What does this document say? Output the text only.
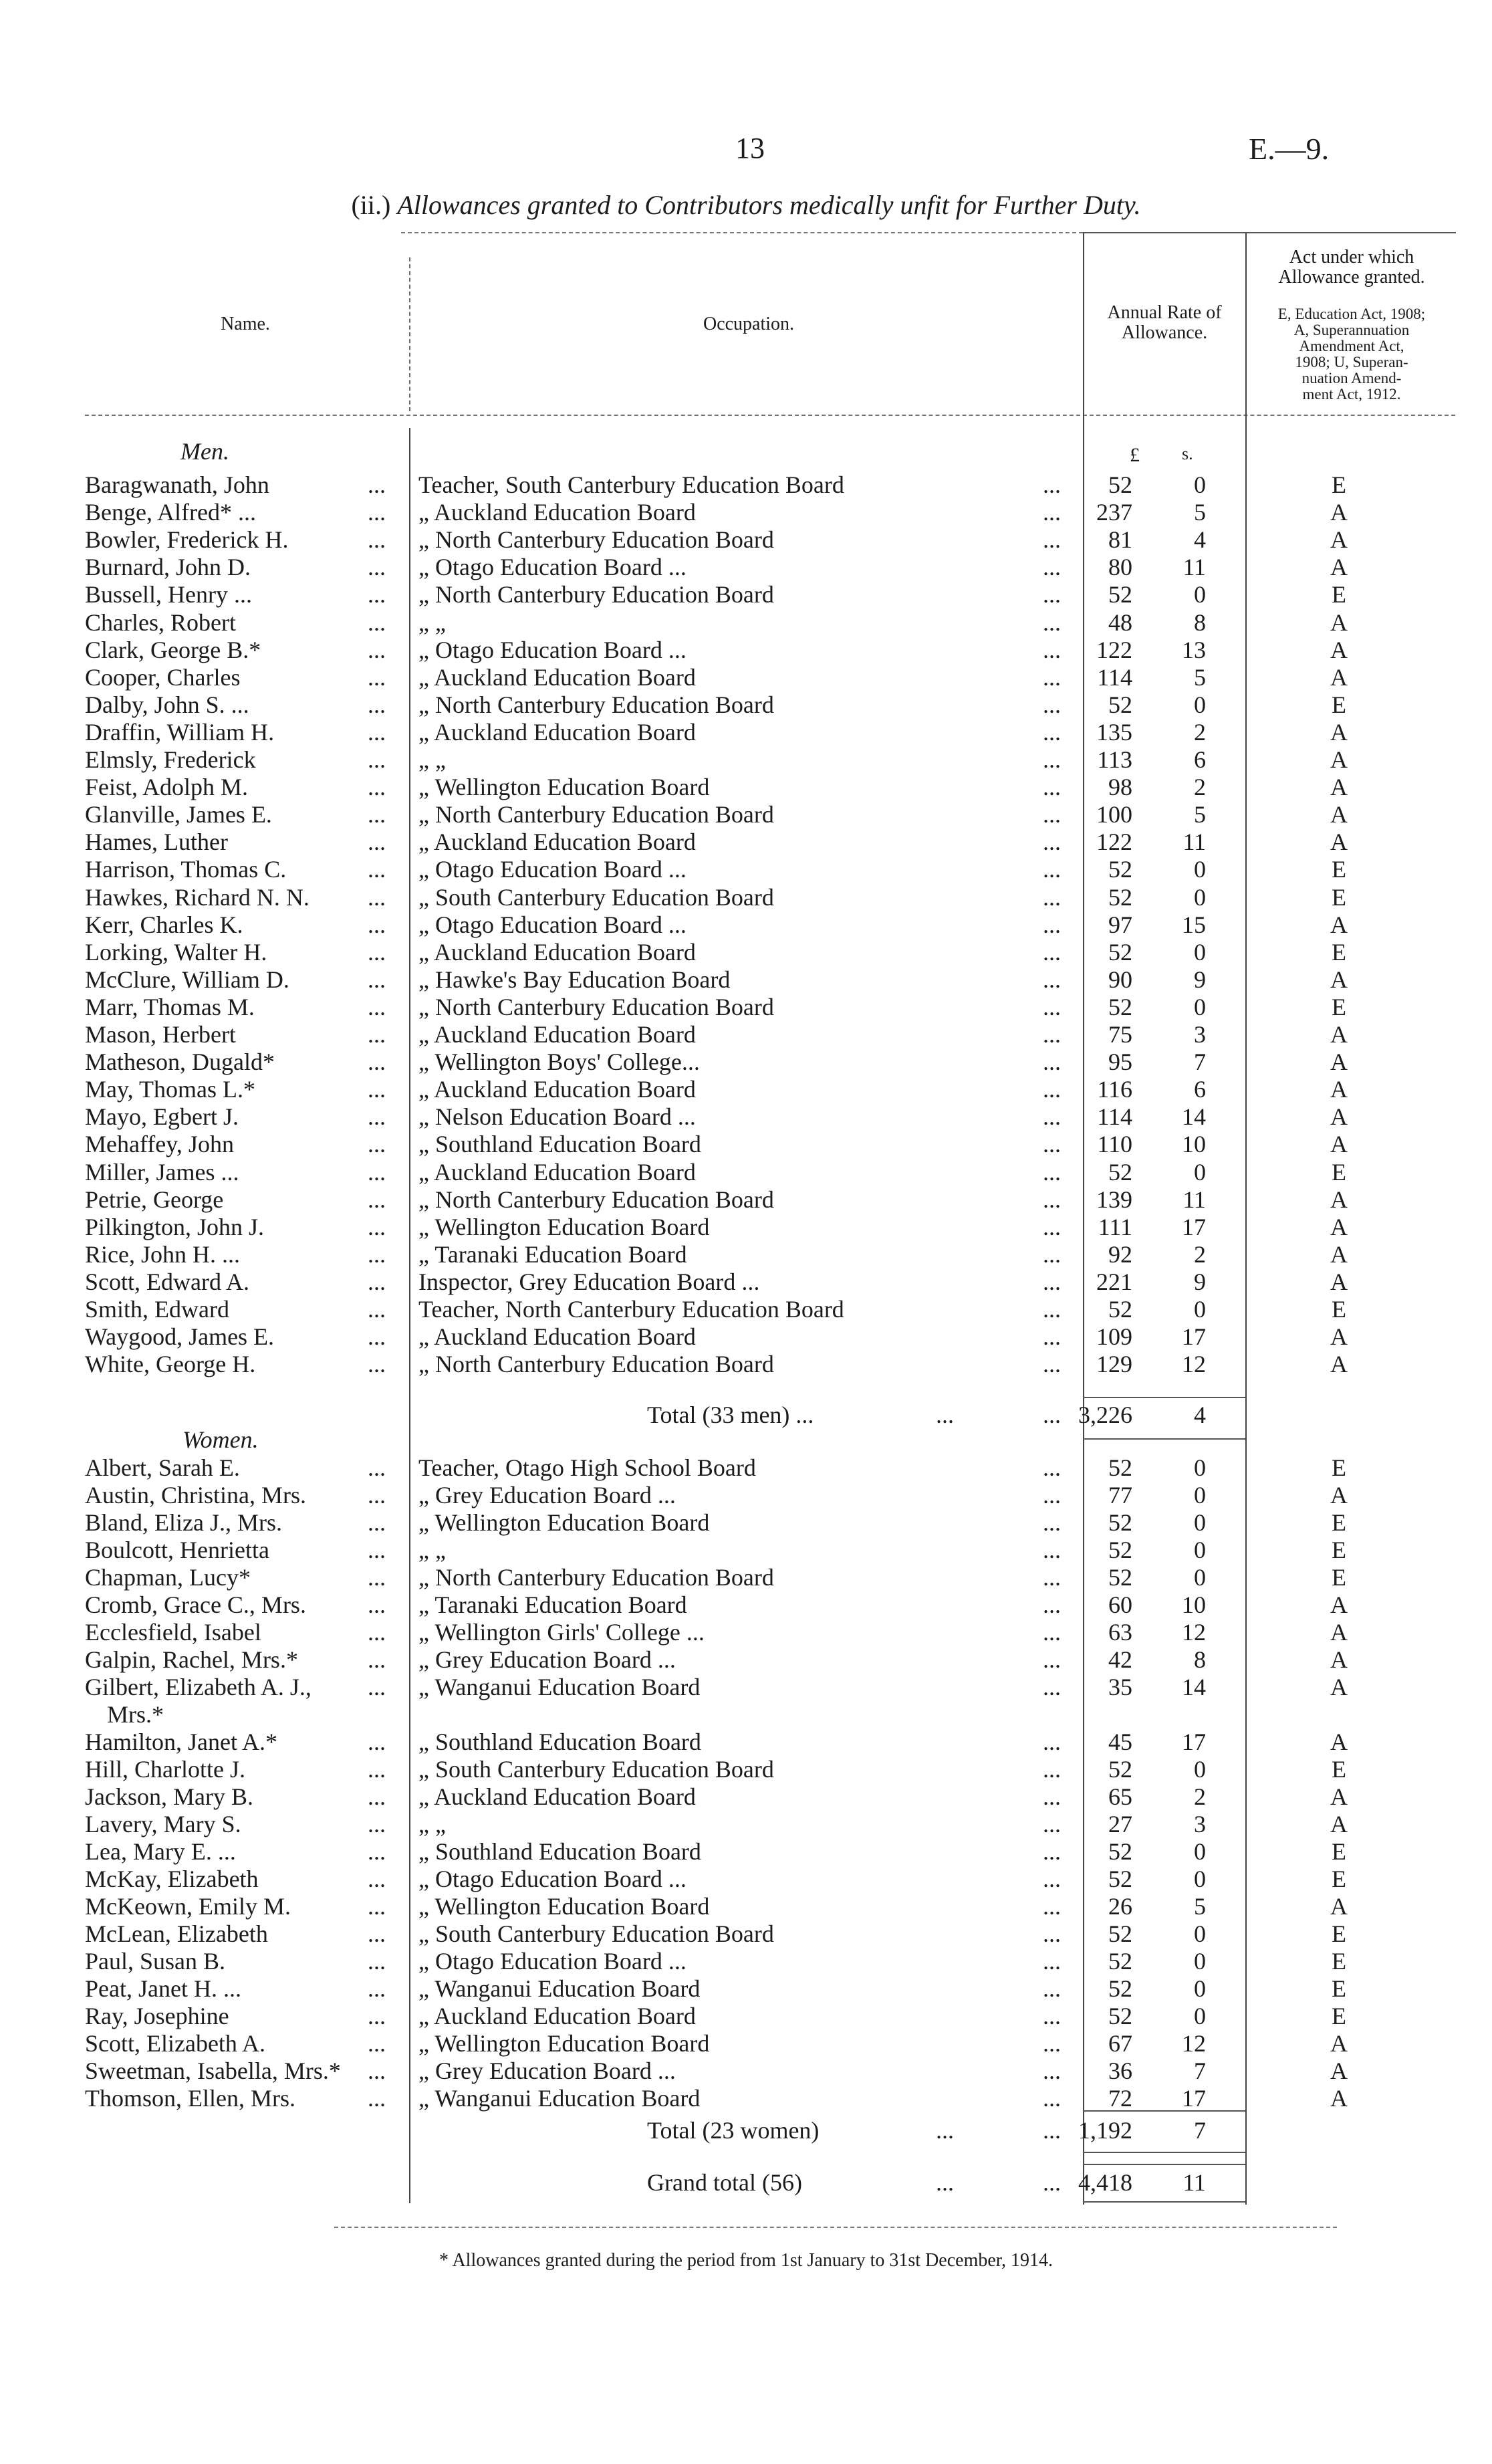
13	E.—9.
(ii.) Allowances granted to Contributors medically unfit for Further Duty.
Name.	Occupation.
Annual Rate of
Allowance.
Act under which
Allowance granted.
E, Education Act, 1908;
A, Superannuation
Amendment Act,
1908; U, Superan-
nuation Amend-
ment Act, 1912.
Men.	£ s.
Baragwanath, John	... Teacher, South Canterbury Education Board	... 52	0	E
Benge, Alfred* ...	... „ Auckland Education Board	... 237	5	A
Bowler, Frederick H.	... „ North Canterbury Education Board	... 81	4	A
Burnard, John D.	... „ Otago Education Board ...	... 80	11	A
Bussell, Henry ...	... „ North Canterbury Education Board	... 52	0	E
Charles, Robert	... „ „	... 48	8	A
Clark, George B.*	... „ Otago Education Board ...	... 122	13	A
Cooper, Charles	... „ Auckland Education Board	... 114	5	A
Dalby, John S. ...	... „ North Canterbury Education Board	... 52	0	E
Draffin, William H.	... „ Auckland Education Board	... 135	2	A
Elmsly, Frederick	... „ „	... 113	6	A
Feist, Adolph M.	... „ Wellington Education Board	... 98	2	A
Glanville, James E.	... „ North Canterbury Education Board	... 100	5	A
Hames, Luther	... „ Auckland Education Board	... 122	11	A
Harrison, Thomas C.	... „ Otago Education Board ...	... 52	0	E
Hawkes, Richard N. N. ... „ South Canterbury Education Board	... 52	0	E
Kerr, Charles K.	... „ Otago Education Board ...	... 97	15	A
Lorking, Walter H.	... „ Auckland Education Board	... 52	0	E
McClure, William D.	... „ Hawke's Bay Education Board	... 90	9	A
Marr, Thomas M.	... „ North Canterbury Education Board	... 52	0	E
Mason, Herbert	... „ Auckland Education Board	... 75	3	A
Matheson, Dugald*	... „ Wellington Boys' College...	... 95	7	A
May, Thomas L.*	... „ Auckland Education Board	... 116	6	A
Mayo, Egbert J.	... „ Nelson Education Board ...	... 114	14	A
Mehaffey, John	... „ Southland Education Board	... 110	10	A
Miller, James ...	... „ Auckland Education Board	... 52	0	E
Petrie, George	... „ North Canterbury Education Board	... 139	11	A
Pilkington, John J.	... „ Wellington Education Board	... 111	17	A
Rice, John H. ...	... „ Taranaki Education Board	... 92	2	A
Scott, Edward A.	... Inspector, Grey Education Board ...	... 221	9	A
Smith, Edward	... Teacher, North Canterbury Education Board	... 52	0	E
Waygood, James E.	... „ Auckland Education Board	... 109	17	A
White, George H.	... „ North Canterbury Education Board	... 129	12	A
Total (33 men) ...	...	... 3,226	4
Women.
Albert, Sarah E.	... Teacher, Otago High School Board	... 52	0	E
Austin, Christina, Mrs.	... „ Grey Education Board ...	... 77	0	A
Bland, Eliza J., Mrs.	... „ Wellington Education Board	... 52	0	E
Boulcott, Henrietta	... „ „	... 52	0	E
Chapman, Lucy*	... „ North Canterbury Education Board	... 52	0	E
Cromb, Grace C., Mrs.	... „ Taranaki Education Board	... 60	10	A
Ecclesfield, Isabel	... „ Wellington Girls' College ...	... 63	12	A
Galpin, Rachel, Mrs.*	... „ Grey Education Board ...	... 42	8	A
Gilbert, Elizabeth A. J., ... „ Wanganui Education Board	... 35	14	A
Mrs.*
Hamilton, Janet A.*	... „ Southland Education Board	... 45	17	A
Hill, Charlotte J.	... „ South Canterbury Education Board	... 52	0	E
Jackson, Mary B.	... „ Auckland Education Board	... 65	2	A
Lavery, Mary S.	... „ „	... 27	3	A
Lea, Mary E. ...	... „ Southland Education Board	... 52	0	E
McKay, Elizabeth	... „ Otago Education Board ...	... 52	0	E
McKeown, Emily M.	... „ Wellington Education Board	... 26	5	A
McLean, Elizabeth	... „ South Canterbury Education Board	... 52	0	E
Paul, Susan B.	... „ Otago Education Board ...	... 52	0	E
Peat, Janet H. ...	... „ Wanganui Education Board	... 52	0	E
Ray, Josephine	... „ Auckland Education Board	... 52	0	E
Scott, Elizabeth A.	... „ Wellington Education Board	... 67	12	A
Sweetman, Isabella, Mrs.* ... „ Grey Education Board ...	... 36	7	A
Thomson, Ellen, Mrs.	... „ Wanganui Education Board	... 72	17	A
Total (23 women)	...	... 1,192	7
Grand total (56)	...	... 4,418	11
* Allowances granted during the period from 1st January to 31st December, 1914.
